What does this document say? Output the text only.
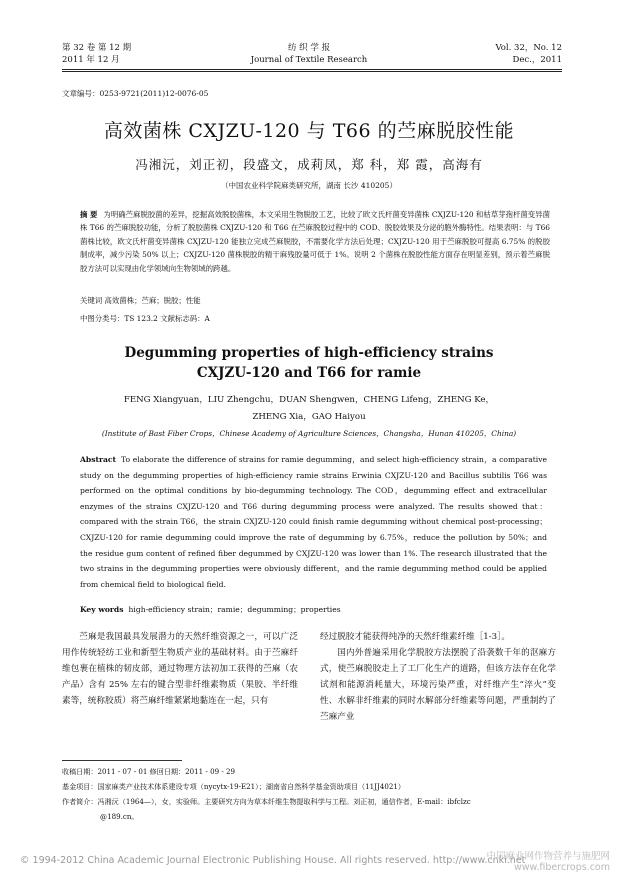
第 32 卷 第 12 期
2011 年 12 月
纺 织 学 报
Journal of Textile Research
Vol. 32，No. 12
Dec.，2011
文章编号：0253-9721(2011)12-0076-05
高效菌株 CXJZU-120 与 T66 的苎麻脱胶性能
冯湘沅，刘正初，段盛文，成莉凤，郑 科，郑 霞，高海有
（中国农业科学院麻类研究所，湖南 长沙 410205）
摘 要 为明确苎麻脱胶菌的差异，挖掘高效脱胶菌株，本文采用生物脱胶工艺，比较了欧文氏杆菌变异菌株 CXJZU-120 和枯草芽孢杆菌变异菌株 T66 的苎麻脱胶功能，分析了脱胶菌株 CXJZU-120 和 T66 在苎麻脱胶过程中的 COD、脱胶效果及分泌的胞外酶特性。结果表明：与 T66 菌株比较，欧文氏杆菌变异菌株 CXJZU-120 能独立完成苎麻脱胶，不需要化学方法后处理；CXJZU-120 用于苎麻脱胶可提高 6.75% 的脱胶制成率，减少污染 50% 以上；CXJZU-120 菌株脱胶的精干麻残胶量可低于 1%。说明 2 个菌株在脱胶性能方面存在明显差别，预示着苎麻脱胶方法可以实现由化学领域向生物领域的跨越。
关键词 高效菌株；苎麻；脱胶；性能
中图分类号：TS 123.2 文献标志码：A
Degumming properties of high-efficiency strains CXJZU-120 and T66 for ramie
FENG Xiangyuan，LIU Zhengchu，DUAN Shengwen，CHENG Lifeng，ZHENG Ke，
ZHENG Xia，GAO Haiyou
(Institute of Bast Fiber Crops，Chinese Academy of Agriculture Sciences，Changsha，Hunan 410205，China)
Abstract To elaborate the difference of strains for ramie degumming，and select high-efficiency strain，a comparative study on the degumming properties of high-efficiency ramie strains Erwinia CXJZU-120 and Bacillus subtilis T66 was performed on the optimal conditions by bio-degumming technology. The COD，degumming effect and extracellular enzymes of the strains CXJZU-120 and T66 during degumming process were analyzed. The results showed that：compared with the strain T66，the strain CXJZU-120 could finish ramie degumming without chemical post-processing；CXJZU-120 for ramie degumming could improve the rate of degumming by 6.75%，reduce the pollution by 50%；and the residue gum content of refined fiber degummed by CXJZU-120 was lower than 1%. The research illustrated that the two strains in the degumming properties were obviously different，and the ramie degumming method could be applied from chemical field to biological field.
Key words high-efficiency strain；ramie；degumming；properties
苎麻是我国最具发展潜力的天然纤维资源之一，可以广泛用作传统轻纺工业和新型生物质产业的基础材料。由于苎麻纤维包裹在植株的韧皮部，通过物理方法初加工获得的苎麻（农产品）含有 25% 左右的键合型非纤维素物质（果胶、半纤维素等，统称胶质）将苎麻纤维紧紧地黏连在一起，只有
经过脱胶才能获得纯净的天然纤维素纤维［1-3］。
国内外普遍采用化学脱胶方法摆脱了沿袭数千年的沤麻方式，使苎麻脱胶走上了工厂化生产的道路，但该方法存在化学试剂和能源消耗量大，环境污染严重，对纤维产生“淬火”变性、水解非纤维素的同时水解部分纤维素等问题，严重制约了苎麻产业
收稿日期：2011 - 07 - 01 修回日期：2011 - 09 - 29
基金项目：国家麻类产业技术体系建设专项（nycytx-19-E21）；湖南省自然科学基金资助项目（11JJ4021）
作者简介：冯湘沅（1964—），女，实验师。主要研究方向为草本纤维生物提取科学与工程。刘正初，通信作者，E-mail：ibfclzc
@189.cn。
© 1994-2012 China Academic Journal Electronic Publishing House. All rights reserved. http://www.cnki.net
中国麻业网作物营养与施肥网
www.fibercrops.com
